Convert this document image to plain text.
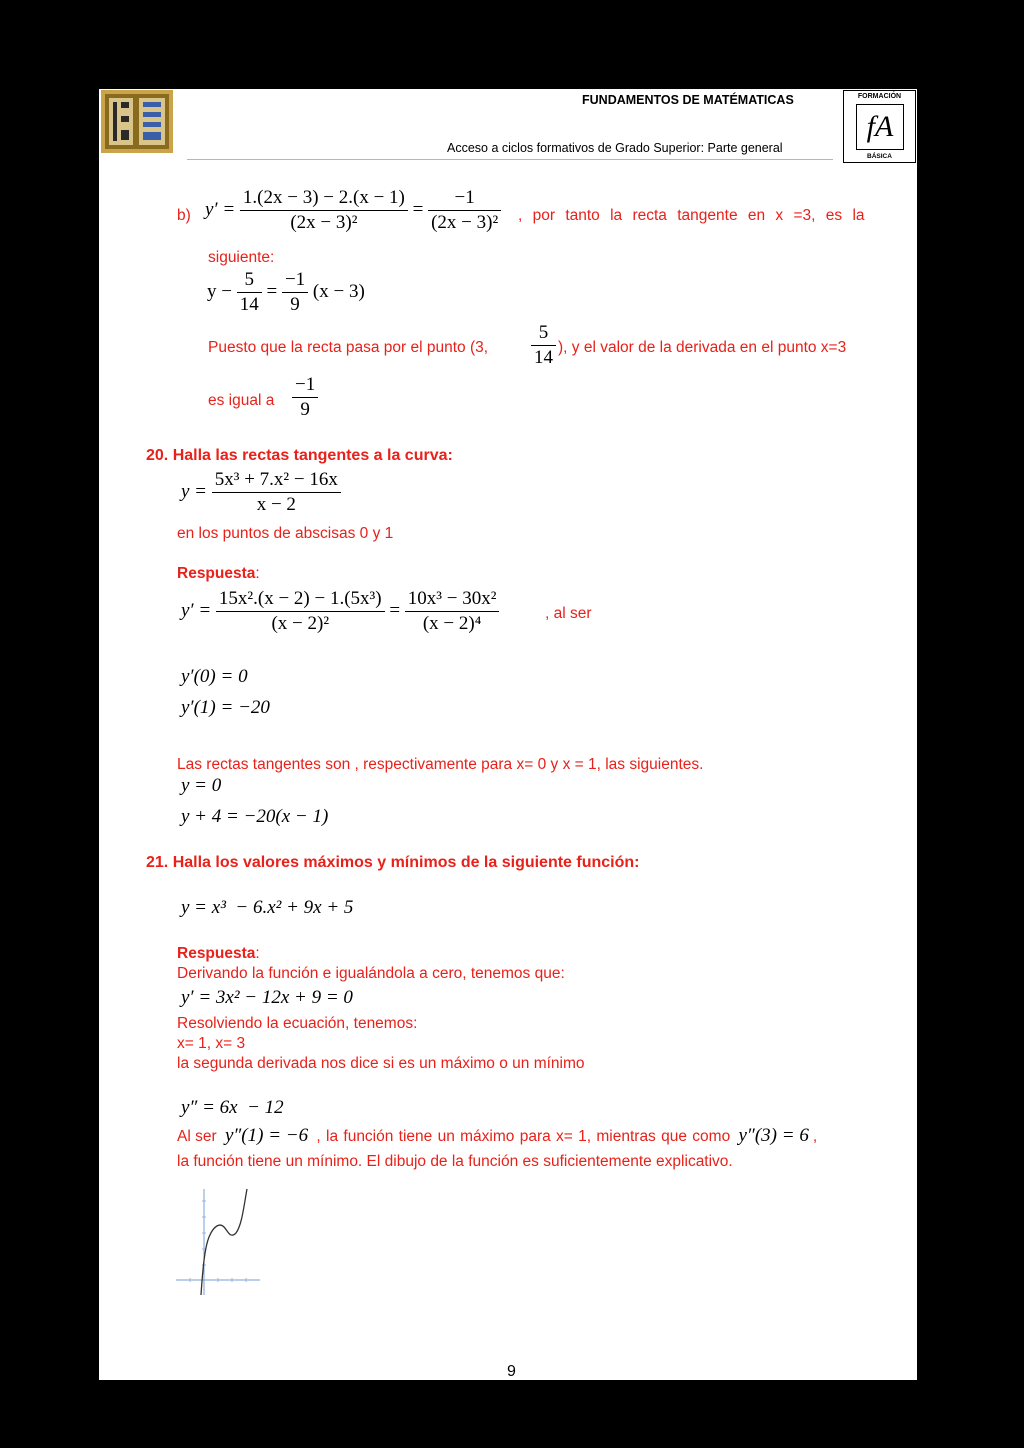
FUNDAMENTOS DE MATÉMATICAS
Acceso a ciclos formativos de Grado Superior: Parte general
FORMACIÓN
fA
BÁSICA
b) $y' = \frac{1.(2x - 3) - 2.(x - 1)}{\text{(2x − 3)²}} = \frac{-1}{\text{(2x − 3)²}}$ , por tanto la recta tangente en x =3, es la
siguiente:
$y - \frac{5}{14} = \frac{-1}{9} (x - 3)$
Puesto que la recta pasa por el punto (3, $\frac{5}{14}$ ), y el valor de la derivada en el punto x=3
es igual a $\frac{-1}{9}$
20. Halla las rectas tangentes a la curva:
$y = \frac{\text{5x³ + 7.x² − 16x}}{x - 2}$
en los puntos de abscisas 0 y 1
Respuesta:
$y' = \frac{\text{15x².(x − 2) − 1.(5x³)}}{\text{(x − 2)²}} = \frac{\text{10x³ − 30x²}}{\text{(x − 2)⁴}}$	, al ser
y′(0) = 0
y′(1) = −20
Las rectas tangentes son , respectivamente para x= 0 y x = 1, las siguientes.
y = 0
y + 4 = −20(x − 1)
21. Halla los valores máximos y mínimos de la siguiente función:
y = x³  − 6.x² + 9x + 5
Respuesta:
Derivando la función e igualándola a cero, tenemos que:
y′ = 3x² − 12x + 9 = 0
Resolviendo la ecuación, tenemos:
x= 1, x= 3
la segunda derivada nos dice si es un máximo o un mínimo
y″ = 6x  − 12
Al ser y″(1) = −6 , la función tiene un máximo para x= 1, mientras que como y″(3) = 6 ,
la función tiene un mínimo. El dibujo de la función es suficientemente explicativo.
9
